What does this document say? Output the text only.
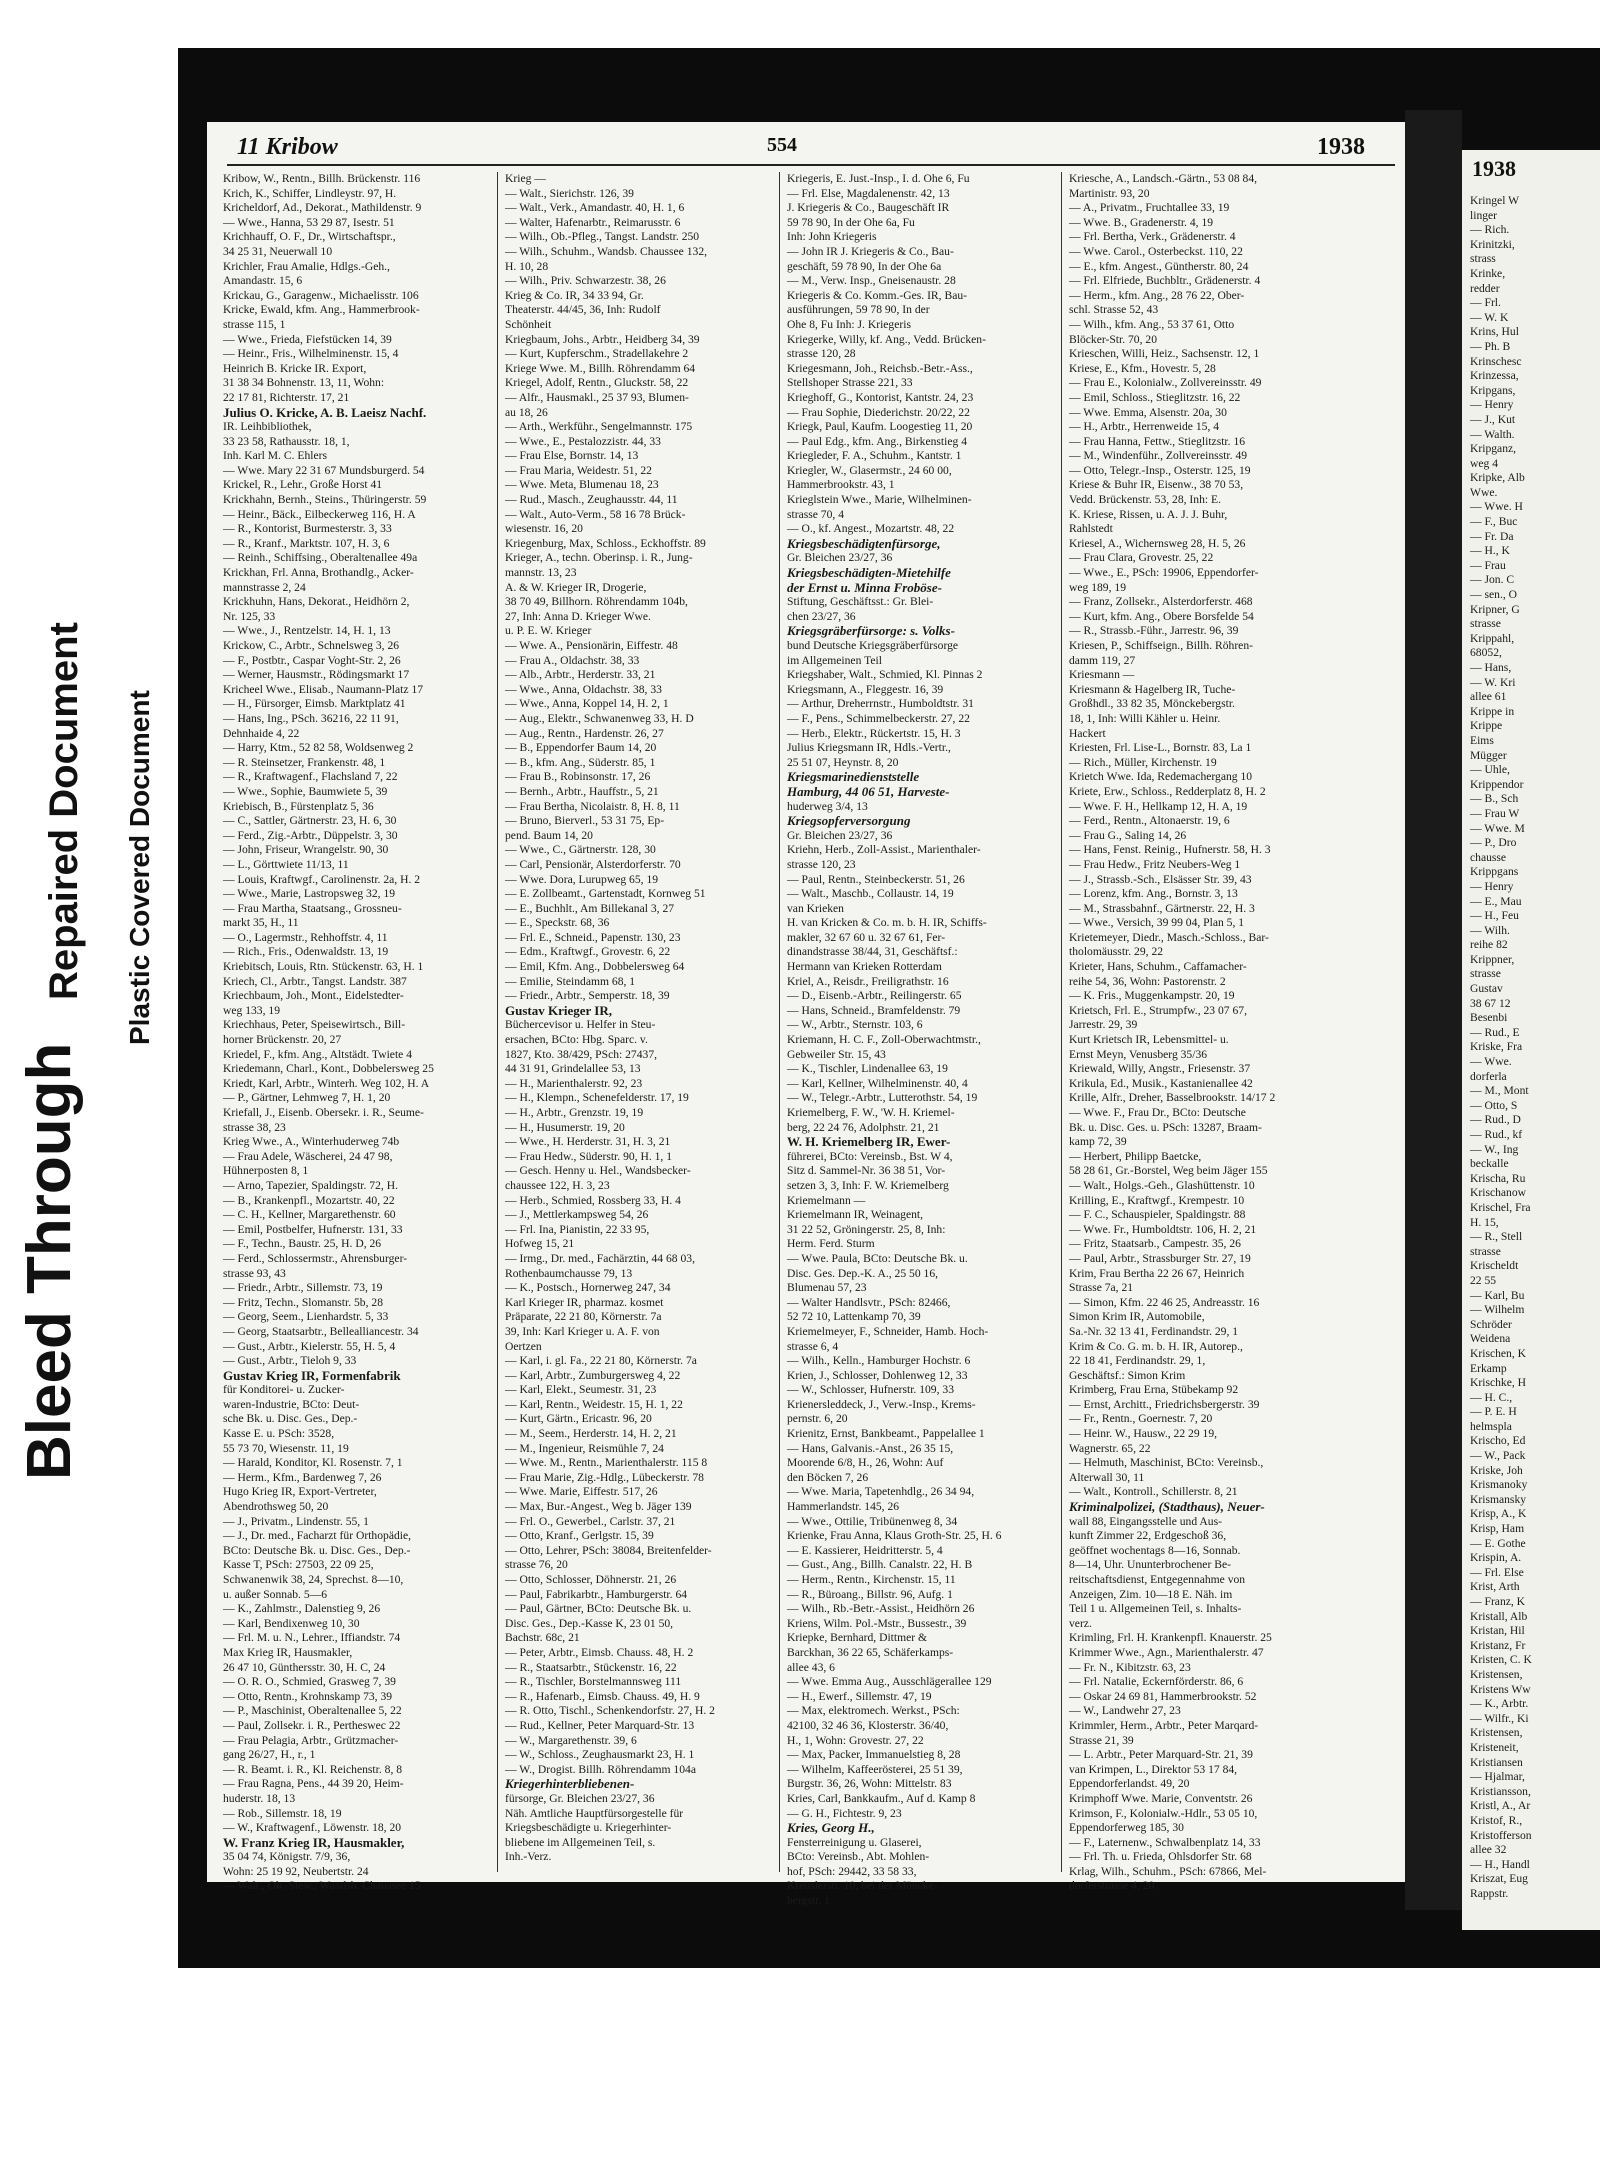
Bleed Through
Repaired Document Plastic Covered Document
11 Kribow	554	1938
Kribow, W., Rentn., Billh. Brückenstr. 116
Krich, K., Schiffer, Lindleystr. 97, H.
Kricheldorf, Ad., Dekorat., Mathildenstr. 9
— Wwe., Hanna, 53 29 87, Isestr. 51
Krichhauff, O. F., Dr., Wirtschaftspr.,
34 25 31, Neuerwall 10
Krichler, Frau Amalie, Hdlgs.-Geh.,
Amandastr. 15, 6
Krickau, G., Garagenw., Michaelisstr. 106
Kricke, Ewald, kfm. Ang., Hammerbrook-
strasse 115, 1
— Wwe., Frieda, Fiefstücken 14, 39
— Heinr., Fris., Wilhelminenstr. 15, 4
Heinrich B. Kricke IR. Export,
31 38 34 Bohnenstr. 13, 11, Wohn:
22 17 81, Richterstr. 17, 21
Julius O. Kricke, A. B. Laeisz Nachf.
IR. Leihbibliothek,
33 23 58, Rathausstr. 18, 1,
Inh. Karl M. C. Ehlers
— Wwe. Mary 22 31 67 Mundsburgerd. 54
Krickel, R., Lehr., Große Horst 41
Krickhahn, Bernh., Steins., Thüringerstr. 59
— Heinr., Bäck., Eilbeckerweg 116, H. A
— R., Kontorist, Burmesterstr. 3, 33
— R., Kranf., Marktstr. 107, H. 3, 6
— Reinh., Schiffsing., Oberaltenallee 49a
Krickhan, Frl. Anna, Brothandlg., Acker-
mannstrasse 2, 24
Krickhuhn, Hans, Dekorat., Heidhörn 2,
Nr. 125, 33
— Wwe., J., Rentzelstr. 14, H. 1, 13
Krickow, C., Arbtr., Schnelsweg 3, 26
— F., Postbtr., Caspar Voght-Str. 2, 26
— Werner, Hausmstr., Rödingsmarkt 17
Kricheel Wwe., Elisab., Naumann-Platz 17
— H., Fürsorger, Eimsb. Marktplatz 41
— Hans, Ing., PSch. 36216, 22 11 91,
Dehnhaide 4, 22
— Harry, Ktm., 52 82 58, Woldsenweg 2
— R. Steinsetzer, Frankenstr. 48, 1
— R., Kraftwagenf., Flachsland 7, 22
— Wwe., Sophie, Baumwiete 5, 39
Kriebisch, B., Fürstenplatz 5, 36
— C., Sattler, Gärtnerstr. 23, H. 6, 30
— Ferd., Zig.-Arbtr., Düppelstr. 3, 30
— John, Friseur, Wrangelstr. 90, 30
— L., Görttwiete 11/13, 11
— Louis, Kraftwgf., Carolinenstr. 2a, H. 2
— Wwe., Marie, Lastropsweg 32, 19
— Frau Martha, Staatsang., Grossneu-
markt 35, H., 11
— O., Lagermstr., Rehhoffstr. 4, 11
— Rich., Fris., Odenwaldstr. 13, 19
Kriebitsch, Louis, Rtn. Stückenstr. 63, H. 1
Kriech, Cl., Arbtr., Tangst. Landstr. 387
Kriechbaum, Joh., Mont., Eidelstedter-
weg 133, 19
Kriechhaus, Peter, Speisewirtsch., Bill-
horner Brückenstr. 20, 27
Kriedel, F., kfm. Ang., Altstädt. Twiete 4
Kriedemann, Charl., Kont., Dobbelersweg 25
Kriedt, Karl, Arbtr., Winterh. Weg 102, H. A
— P., Gärtner, Lehmweg 7, H. 1, 20
Kriefall, J., Eisenb. Obersekr. i. R., Seume-
strasse 38, 23
Krieg Wwe., A., Winterhuderweg 74b
— Frau Adele, Wäscherei, 24 47 98,
Hühnerposten 8, 1
— Arno, Tapezier, Spaldingstr. 72, H.
— B., Krankenpfl., Mozartstr. 40, 22
— C. H., Kellner, Margarethenstr. 60
— Emil, Postbelfer, Hufnerstr. 131, 33
— F., Techn., Baustr. 25, H. D, 26
— Ferd., Schlossermstr., Ahrensburger-
strasse 93, 43
— Friedr., Arbtr., Sillemstr. 73, 19
— Fritz, Techn., Slomanstr. 5b, 28
— Georg, Seem., Lienhardstr. 5, 33
— Georg, Staatsarbtr., Bellealliancestr. 34
— Gust., Arbtr., Kielerstr. 55, H. 5, 4
— Gust., Arbtr., Tieloh 9, 33
Gustav Krieg IR, Formenfabrik
für Konditorei- u. Zucker-
waren-Industrie, BCto: Deut-
sche Bk. u. Disc. Ges., Dep.-
Kasse E. u. PSch: 3528,
55 73 70, Wiesenstr. 11, 19
— Harald, Konditor, Kl. Rosenstr. 7, 1
— Herm., Kfm., Bardenweg 7, 26
Hugo Krieg IR, Export-Vertreter,
Abendrothsweg 50, 20
— J., Privatm., Lindenstr. 55, 1
— J., Dr. med., Facharzt für Orthopädie,
BCto: Deutsche Bk. u. Disc. Ges., Dep.-
Kasse T, PSch: 27503, 22 09 25,
Schwanenwik 38, 24, Sprechst. 8—10,
u. außer Sonnab. 5—6
— K., Zahlmstr., Dalenstieg 9, 26
— Karl, Bendixenweg 10, 30
— Frl. M. u. N., Lehrer., Iffiandstr. 74
Max Krieg IR, Hausmakler,
26 47 10, Günthersstr. 30, H. C, 24
— O. R. O., Schmied, Grasweg 7, 39
— Otto, Rentn., Krohnskamp 73, 39
— P., Maschinist, Oberaltenallee 5, 22
— Paul, Zollsekr. i. R., Pertheswec 22
— Frau Pelagia, Arbtr., Grützmacher-
gang 26/27, H., r., 1
— R. Beamt. i. R., Kl. Reichenstr. 8, 8
— Frau Ragna, Pens., 44 39 20, Heim-
huderstr. 18, 13
— Rob., Sillemstr. 18, 19
— W., Kraftwagenf., Löwenstr. 18, 20
W. Franz Krieg IR, Hausmakler,
35 04 74, Königstr. 7/9, 36,
Wohn: 25 19 92, Neubertstr. 24
— Walt., Ob.-Stew., Wandsb. Chaussee 15
Krieg —
— Walt., Sierichstr. 126, 39
— Walt., Verk., Amandastr. 40, H. 1, 6
— Walter, Hafenarbtr., Reimarusstr. 6
— Wilh., Ob.-Pfleg., Tangst. Landstr. 250
— Wilh., Schuhm., Wandsb. Chaussee 132,
H. 10, 28
— Wilh., Priv. Schwarzestr. 38, 26
Krieg & Co. IR, 34 33 94, Gr.
Theaterstr. 44/45, 36, Inh: Rudolf
Schönheit
Kriegbaum, Johs., Arbtr., Heidberg 34, 39
— Kurt, Kupferschm., Stradellakehre 2
Kriege Wwe. M., Billh. Röhrendamm 64
Kriegel, Adolf, Rentn., Gluckstr. 58, 22
— Alfr., Hausmakl., 25 37 93, Blumen-
au 18, 26
— Arth., Werkführ., Sengelmannstr. 175
— Wwe., E., Pestalozzistr. 44, 33
— Frau Else, Bornstr. 14, 13
— Frau Maria, Weidestr. 51, 22
— Wwe. Meta, Blumenau 18, 23
— Rud., Masch., Zeughausstr. 44, 11
— Walt., Auto-Verm., 58 16 78 Brück-
wiesenstr. 16, 20
Kriegenburg, Max, Schloss., Eckhoffstr. 89
Krieger, A., techn. Oberinsp. i. R., Jung-
mannstr. 13, 23
A. & W. Krieger IR, Drogerie,
38 70 49, Billhorn. Röhrendamm 104b,
27, Inh: Anna D. Krieger Wwe.
u. P. E. W. Krieger
— Wwe. A., Pensionärin, Eiffestr. 48
— Frau A., Oldachstr. 38, 33
— Alb., Arbtr., Herderstr. 33, 21
— Wwe., Anna, Oldachstr. 38, 33
— Wwe., Anna, Koppel 14, H. 2, 1
— Aug., Elektr., Schwanenweg 33, H. D
— Aug., Rentn., Hardenstr. 26, 27
— B., Eppendorfer Baum 14, 20
— B., kfm. Ang., Süderstr. 85, 1
— Frau B., Robinsonstr. 17, 26
— Bernh., Arbtr., Hauffstr., 5, 21
— Frau Bertha, Nicolaistr. 8, H. 8, 11
— Bruno, Bierverl., 53 31 75, Ep-
pend. Baum 14, 20
— Wwe., C., Gärtnerstr. 128, 30
— Carl, Pensionär, Alsterdorferstr. 70
— Wwe. Dora, Lurupweg 65, 19
— E. Zollbeamt., Gartenstadt, Kornweg 51
— E., Buchhlt., Am Billekanal 3, 27
— E., Speckstr. 68, 36
— Frl. E., Schneid., Papenstr. 130, 23
— Edm., Kraftwgf., Grovestr. 6, 22
— Emil, Kfm. Ang., Dobbelersweg 64
— Emilie, Steindamm 68, 1
— Friedr., Arbtr., Semperstr. 18, 39
Gustav Krieger IR,
Büchercevisor u. Helfer in Steu-
ersachen, BCto: Hbg. Sparc. v.
1827, Kto. 38/429, PSch: 27437,
44 31 91, Grindelallee 53, 13
— H., Marienthalerstr. 92, 23
— H., Klempn., Schenefelderstr. 17, 19
— H., Arbtr., Grenzstr. 19, 19
— H., Husumerstr. 19, 20
— Wwe., H. Herderstr. 31, H. 3, 21
— Frau Hedw., Süderstr. 90, H. 1, 1
— Gesch. Henny u. Hel., Wandsbecker-
chaussee 122, H. 3, 23
— Herb., Schmied, Rossberg 33, H. 4
— J., Mettlerkampsweg 54, 26
— Frl. Ina, Pianistin, 22 33 95,
Hofweg 15, 21
— Irmg., Dr. med., Fachärztin, 44 68 03,
Rothenbaumchausse 79, 13
— K., Postsch., Hornerweg 247, 34
Karl Krieger IR, pharmaz. kosmet
Präparate, 22 21 80, Körnerstr. 7a
39, Inh: Karl Krieger u. A. F. von
Oertzen
— Karl, i. gl. Fa., 22 21 80, Körnerstr. 7a
— Karl, Arbtr., Zumburgersweg 4, 22
— Karl, Elekt., Seumestr. 31, 23
— Karl, Rentn., Weidestr. 15, H. 1, 22
— Kurt, Gärtn., Ericastr. 96, 20
— M., Seem., Herderstr. 14, H. 2, 21
— M., Ingenieur, Reismühle 7, 24
— Wwe. M., Rentn., Marienthalerstr. 115 8
— Frau Marie, Zig.-Hdlg., Lübeckerstr. 78
— Wwe. Marie, Eiffestr. 517, 26
— Max, Bur.-Angest., Weg b. Jäger 139
— Frl. O., Gewerbel., Carlstr. 37, 21
— Otto, Kranf., Gerlgstr. 15, 39
— Otto, Lehrer, PSch: 38084, Breitenfelder-
strasse 76, 20
— Otto, Schlosser, Döhnerstr. 21, 26
— Paul, Fabrikarbtr., Hamburgerstr. 64
— Paul, Gärtner, BCto: Deutsche Bk. u.
Disc. Ges., Dep.-Kasse K, 23 01 50,
Bachstr. 68c, 21
— Peter, Arbtr., Eimsb. Chauss. 48, H. 2
— R., Staatsarbtr., Stückenstr. 16, 22
— R., Tischler, Borstelmannsweg 111
— R., Hafenarb., Eimsb. Chauss. 49, H. 9
— R. Otto, Tischl., Schenkendorfstr. 27, H. 2
— Rud., Kellner, Peter Marquard-Str. 13
— W., Margarethenstr. 39, 6
— W., Schloss., Zeughausmarkt 23, H. 1
— W., Drogist. Billh. Röhrendamm 104a
Kriegerhinterbliebenen-
fürsorge, Gr. Bleichen 23/27, 36
Näh. Amtliche Hauptfürsorgestelle für
Kriegsbeschädigte u. Kriegerhinter-
bliebene im Allgemeinen Teil, s.
Inh.-Verz.
Kriegeris, E. Just.-Insp., I. d. Ohe 6, Fu
— Frl. Else, Magdalenenstr. 42, 13
J. Kriegeris & Co., Baugeschäft IR
59 78 90, In der Ohe 6a, Fu
Inh: John Kriegeris
— John IR J. Kriegeris & Co., Bau-
geschäft, 59 78 90, In der Ohe 6a
— M., Verw. Insp., Gneisenaustr. 28
Kriegeris & Co. Komm.-Ges. IR, Bau-
ausführungen, 59 78 90, In der
Ohe 8, Fu Inh: J. Kriegeris
Kriegerke, Willy, kf. Ang., Vedd. Brücken-
strasse 120, 28
Kriegesmann, Joh., Reichsb.-Betr.-Ass.,
Stellshoper Strasse 221, 33
Krieghoff, G., Kontorist, Kantstr. 24, 23
— Frau Sophie, Diederichstr. 20/22, 22
Kriegk, Paul, Kaufm. Loogestieg 11, 20
— Paul Edg., kfm. Ang., Birkenstieg 4
Kriegleder, F. A., Schuhm., Kantstr. 1
Kriegler, W., Glasermstr., 24 60 00,
Hammerbrookstr. 43, 1
Krieglstein Wwe., Marie, Wilhelminen-
strasse 70, 4
— O., kf. Angest., Mozartstr. 48, 22
Kriegsbeschädigtenfürsorge,
Gr. Bleichen 23/27, 36
Kriegsbeschädigten-Mietehilfe
der Ernst u. Minna Froböse-
Stiftung, Geschäftsst.: Gr. Blei-
chen 23/27, 36
Kriegsgräberfürsorge: s. Volks-
bund Deutsche Kriegsgräberfürsorge
im Allgemeinen Teil
Kriegshaber, Walt., Schmied, Kl. Pinnas 2
Kriegsmann, A., Fleggestr. 16, 39
— Arthur, Dreherrnstr., Humboldtstr. 31
— F., Pens., Schimmelbeckerstr. 27, 22
— Herb., Elektr., Rückertstr. 15, H. 3
Julius Kriegsmann IR, Hdls.-Vertr.,
25 51 07, Heynstr. 8, 20
Kriegsmarinedienststelle
Hamburg, 44 06 51, Harveste-
huderweg 3/4, 13
Kriegsopferversorgung
Gr. Bleichen 23/27, 36
Kriehn, Herb., Zoll-Assist., Marienthaler-
strasse 120, 23
— Paul, Rentn., Steinbeckerstr. 51, 26
— Walt., Maschb., Collaustr. 14, 19
van Krieken
H. van Kricken & Co. m. b. H. IR, Schiffs-
makler, 32 67 60 u. 32 67 61, Fer-
dinandstrasse 38/44, 31, Geschäftsf.:
Hermann van Krieken Rotterdam
Kriel, A., Reisdr., Freiligrathstr. 16
— D., Eisenb.-Arbtr., Reilingerstr. 65
— Hans, Schneid., Bramfeldenstr. 79
— W., Arbtr., Sternstr. 103, 6
Kriemann, H. C. F., Zoll-Oberwachtmstr.,
Gebweiler Str. 15, 43
— K., Tischler, Lindenallee 63, 19
— Karl, Kellner, Wilhelminenstr. 40, 4
— W., Telegr.-Arbtr., Lutterothstr. 54, 19
Kriemelberg, F. W., 'W. H. Kriemel-
berg, 22 24 76, Adolphstr. 21, 21
W. H. Kriemelberg IR, Ewer-
führerei, BCto: Vereinsb., Bst. W 4,
Sitz d. Sammel-Nr. 36 38 51, Vor-
setzen 3, 3, Inh: F. W. Kriemelberg
Kriemelmann —
Kriemelmann IR, Weinagent,
31 22 52, Gröningerstr. 25, 8, Inh:
Herm. Ferd. Sturm
— Wwe. Paula, BCto: Deutsche Bk. u.
Disc. Ges. Dep.-K. A., 25 50 16,
Blumenau 57, 23
— Walter Handlsvtr., PSch: 82466,
52 72 10, Lattenkamp 70, 39
Kriemelmeyer, F., Schneider, Hamb. Hoch-
strasse 6, 4
— Wilh., Kelln., Hamburger Hochstr. 6
Krien, J., Schlosser, Dohlenweg 12, 33
— W., Schlosser, Hufnerstr. 109, 33
Krienersleddeck, J., Verw.-Insp., Krems-
pernstr. 6, 20
Krienitz, Ernst, Bankbeamt., Pappelallee 1
— Hans, Galvanis.-Anst., 26 35 15,
Moorende 6/8, H., 26, Wohn: Auf
den Böcken 7, 26
— Wwe. Maria, Tapetenhdlg., 26 34 94,
Hammerlandstr. 145, 26
— Wwe., Ottilie, Tribünenweg 8, 34
Krienke, Frau Anna, Klaus Groth-Str. 25, H. 6
— E. Kassierer, Heidritterstr. 5, 4
— Gust., Ang., Billh. Canalstr. 22, H. B
— Herm., Rentn., Kirchenstr. 15, 11
— R., Büroang., Billstr. 96, Aufg. 1
— Wilh., Rb.-Betr.-Assist., Heidhörn 26
Kriens, Wilm. Pol.-Mstr., Bussestr., 39
Kriepke, Bernhard, Dittmer &
Barckhan, 36 22 65, Schäferkamps-
allee 43, 6
— Wwe. Emma Aug., Ausschlägerallee 129
— H., Ewerf., Sillemstr. 47, 19
— Max, elektromech. Werkst., PSch:
42100, 32 46 36, Klosterstr. 36/40,
H., 1, Wohn: Grovestr. 27, 22
— Max, Packer, Immanuelstieg 8, 28
— Wilhelm, Kaffeerösterei, 25 51 39,
Burgstr. 36, 26, Wohn: Mittelstr. 83
Kries, Carl, Bankkaufm., Auf d. Kamp 8
— G. H., Fichtestr. 9, 23
Kries, Georg H.,
Fensterreinigung u. Glaserei,
BCto: Vereinsb., Abt. Mohlen-
hof, PSch: 29442, 33 58 33,
Kreuslerstr. 10, bei der Möncke-
bergstr. 1
Kriesche, A., Landsch.-Gärtn., 53 08 84,
Martinistr. 93, 20
— A., Privatm., Fruchtallee 33, 19
— Wwe. B., Gradenerstr. 4, 19
— Frl. Bertha, Verk., Grädenerstr. 4
— Wwe. Carol., Osterbeckst. 110, 22
— E., kfm. Angest., Güntherstr. 80, 24
— Frl. Elfriede, Buchbltr., Grädenerstr. 4
— Herm., kfm. Ang., 28 76 22, Ober-
schl. Strasse 52, 43
— Wilh., kfm. Ang., 53 37 61, Otto
Blöcker-Str. 70, 20
Krieschen, Willi, Heiz., Sachsenstr. 12, 1
Kriese, E., Kfm., Hovestr. 5, 28
— Frau E., Kolonialw., Zollvereinsstr. 49
— Emil, Schloss., Stieglitzstr. 16, 22
— Wwe. Emma, Alsenstr. 20a, 30
— H., Arbtr., Herrenweide 15, 4
— Frau Hanna, Fettw., Stieglitzstr. 16
— M., Windenführ., Zollvereinsstr. 49
— Otto, Telegr.-Insp., Osterstr. 125, 19
Kriese & Buhr IR, Eisenw., 38 70 53,
Vedd. Brückenstr. 53, 28, Inh: E.
K. Kriese, Rissen, u. A. J. J. Buhr,
Rahlstedt
Kriesel, A., Wichernsweg 28, H. 5, 26
— Frau Clara, Grovestr. 25, 22
— Wwe., E., PSch: 19906, Eppendorfer-
weg 189, 19
— Franz, Zollsekr., Alsterdorferstr. 468
— Kurt, kfm. Ang., Obere Borsfelde 54
— R., Strassb.-Führ., Jarrestr. 96, 39
Kriesen, P., Schiffseign., Billh. Röhren-
damm 119, 27
Kriesmann —
Kriesmann & Hagelberg IR, Tuche-
Großhdl., 33 82 35, Mönckebergstr.
18, 1, Inh: Willi Kähler u. Heinr.
Hackert
Kriesten, Frl. Lise-L., Bornstr. 83, La 1
— Rich., Müller, Kirchenstr. 19
Krietch Wwe. Ida, Redemachergang 10
Kriete, Erw., Schloss., Redderplatz 8, H. 2
— Wwe. F. H., Hellkamp 12, H. A, 19
— Ferd., Rentn., Altonaerstr. 19, 6
— Frau G., Saling 14, 26
— Hans, Fenst. Reinig., Hufnerstr. 58, H. 3
— Frau Hedw., Fritz Neubers-Weg 1
— J., Strassb.-Sch., Elsässer Str. 39, 43
— Lorenz, kfm. Ang., Bornstr. 3, 13
— M., Strassbahnf., Gärtnerstr. 22, H. 3
— Wwe., Versich, 39 99 04, Plan 5, 1
Krietemeyer, Diedr., Masch.-Schloss., Bar-
tholomäusstr. 29, 22
Krieter, Hans, Schuhm., Caffamacher-
reihe 54, 36, Wohn: Pastorenstr. 2
— K. Fris., Muggenkampstr. 20, 19
Krietsch, Frl. E., Strumpfw., 23 07 67,
Jarrestr. 29, 39
Kurt Krietsch IR, Lebensmittel- u.
Ernst Meyn, Venusberg 35/36
Kriewald, Willy, Angstr., Friesenstr. 37
Krikula, Ed., Musik., Kastanienallee 42
Krille, Alfr., Dreher, Basselbrookstr. 14/17 2
— Wwe. F., Frau Dr., BCto: Deutsche
Bk. u. Disc. Ges. u. PSch: 13287, Braam-
kamp 72, 39
— Herbert, Philipp Baetcke,
58 28 61, Gr.-Borstel, Weg beim Jäger 155
— Walt., Holgs.-Geh., Glashüttenstr. 10
Krilling, E., Kraftwgf., Krempestr. 10
— F. C., Schauspieler, Spaldingstr. 88
— Wwe. Fr., Humboldtstr. 106, H. 2, 21
— Fritz, Staatsarb., Campestr. 35, 26
— Paul, Arbtr., Strassburger Str. 27, 19
Krim, Frau Bertha 22 26 67, Heinrich
Strasse 7a, 21
— Simon, Kfm. 22 46 25, Andreasstr. 16
Simon Krim IR, Automobile,
Sa.-Nr. 32 13 41, Ferdinandstr. 29, 1
Krim & Co. G. m. b. H. IR, Autorep.,
22 18 41, Ferdinandstr. 29, 1,
Geschäftsf.: Simon Krim
Krimberg, Frau Erna, Stübekamp 92
— Ernst, Architt., Friedrichsbergerstr. 39
— Fr., Rentn., Goernestr. 7, 20
— Heinr. W., Hausw., 22 29 19,
Wagnerstr. 65, 22
— Helmuth, Maschinist, BCto: Vereinsb.,
Alterwall 30, 11
— Walt., Kontroll., Schillerstr. 8, 21
Kriminalpolizei, (Stadthaus), Neuer-
wall 88, Eingangsstelle und Aus-
kunft Zimmer 22, Erdgeschoß 36,
geöffnet wochentags 8—16, Sonnab.
8—14, Uhr. Ununterbrochener Be-
reitschaftsdienst, Entgegennahme von
Anzeigen, Zim. 10—18 E. Näh. im
Teil 1 u. Allgemeinen Teil, s. Inhalts-
verz.
Krimling, Frl. H. Krankenpfl. Knauerstr. 25
Krimmer Wwe., Agn., Marienthalerstr. 47
— Fr. N., Kibitzstr. 63, 23
— Frl. Natalie, Eckernförderstr. 86, 6
— Oskar 24 69 81, Hammerbrookstr. 52
— W., Landwehr 27, 23
Krimmler, Herm., Arbtr., Peter Marqard-
Strasse 21, 39
— L. Arbtr., Peter Marquard-Str. 21, 39
van Krimpen, L., Direktor 53 17 84,
Eppendorferlandst. 49, 20
Krimphoff Wwe. Marie, Conventstr. 26
Krimson, F., Kolonialw.-Hdlr., 53 05 10,
Eppendorferweg 185, 30
— F., Laternenw., Schwalbenplatz 14, 33
— Frl. Th. u. Frieda, Ohlsdorfer Str. 68
Krlag, Wilh., Schuhm., PSch: 67866, Mel-
dorferstrasse 4, 20
1938
Kringel W
linger
— Rich.
Krinitzki,
strass
Krinke,
redder
— Frl.
— W. K
Krins, Hul
— Ph. B
Krinschesc
Krinzessa,
Kripgans,
— Henry
— J., Kut
— Walth.
Kripganz,
weg 4
Kripke, Alb
Wwe.
— Wwe. H
— F., Buc
— Fr. Da
— H., K
— Frau
— Jon. C
— sen., O
Kripner, G
strasse
Krippahl,
68052,
— Hans,
— W. Kri
allee 61
Krippe in
Krippe
Eims
Mügger
— Uhle,
Krippendor
— B., Sch
— Frau W
— Wwe. M
— P., Dro
chausse
Krippgans
— Henry
— E., Mau
— H., Feu
— Wilh.
reihe 82
Krippner,
strasse
Gustav
38 67 12
Besenbi
— Rud., E
Kriske, Fra
— Wwe.
dorferla
— M., Mont
— Otto, S
— Rud., D
— Rud., kf
— W., Ing
beckalle
Krischa, Ru
Krischanow
Krischel, Fra
H. 15,
— R., Stell
strasse
Krischeldt
22 55
— Karl, Bu
— Wilhelm
Schröder
Weidena
Krischen, K
Erkamp
Krischke, H
— H. C.,
— P. E. H
helmspla
Krischo, Ed
— W., Pack
Kriske, Joh
Krismanoky
Krismansky
Krisp, A., K
Krisp, Ham
— E. Gothe
Krispin, A.
— Frl. Else
Krist, Arth
— Franz, K
Kristall, Alb
Kristan, Hil
Kristanz, Fr
Kristen, C. K
Kristensen,
Kristens Ww
— K., Arbtr.
— Wilfr., Ki
Kristensen,
Kristeneit,
Kristiansen
— Hjalmar,
Kristiansson,
Kristl, A., Ar
Kristof, R.,
Kristofferson
allee 32
— H., Handl
Kriszat, Eug
Rappstr.
